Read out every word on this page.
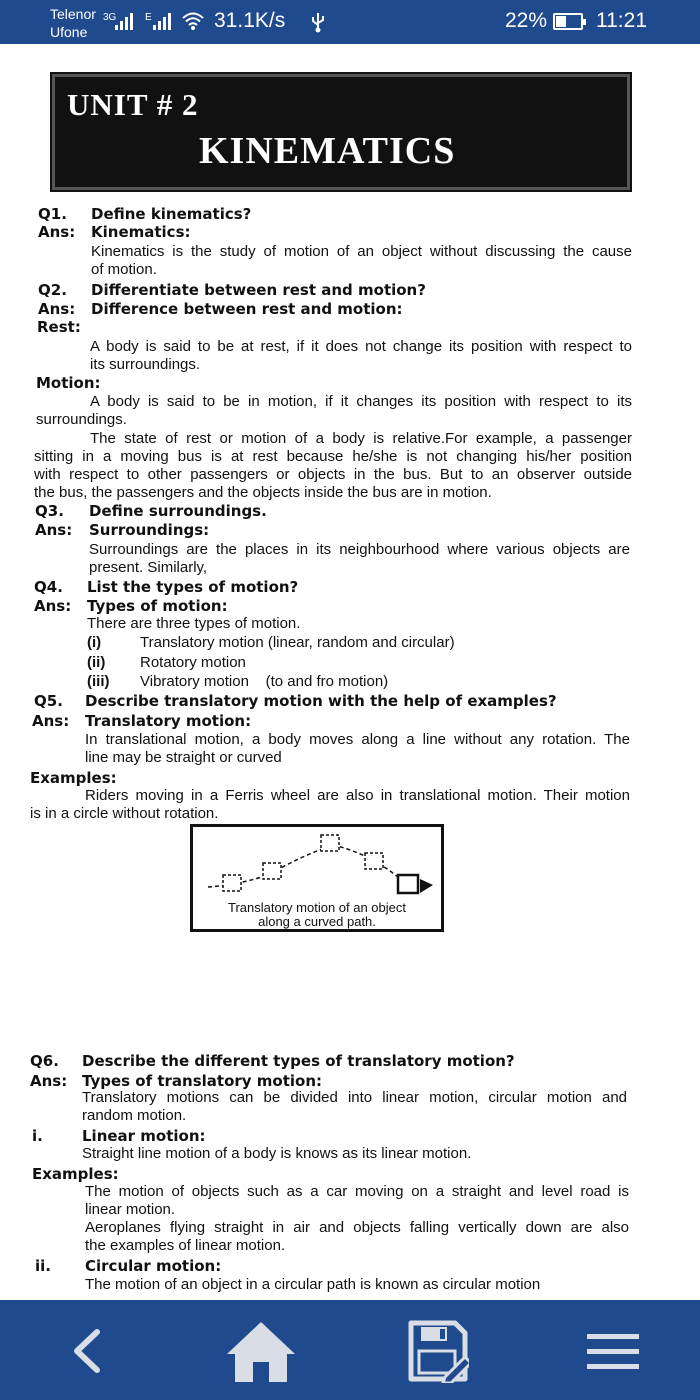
Telenor
Ufone
3G	E	31.1K/s	22% 11:21
UNIT # 2
KINEMATICS
Q1. Define kinematics?
Ans: Kinematics:
Kinematics is the study of motion of an object without discussing the cause
of motion.
Q2. Differentiate between rest and motion?
Ans: Difference between rest and motion:
Rest:
A body is said to be at rest, if it does not change its position with respect to
its surroundings.
Motion:
A body is said to be in motion, if it changes its position with respect to its
surroundings.
The state of rest or motion of a body is relative.For example, a passenger
sitting in a moving bus is at rest because he/she is not changing his/her position
with respect to other passengers or objects in the bus. But to an observer outside
the bus, the passengers and the objects inside the bus are in motion.
Q3. Define surroundings.
Ans: Surroundings:
Surroundings are the places in its neighbourhood where various objects are
present. Similarly,
Q4. List the types of motion?
Ans: Types of motion:
There are three types of motion.
(i)	Translatory motion (linear, random and circular)
(ii) Rotatory motion
(iii) Vibratory motion    (to and fro motion)
Q5. Describe translatory motion with the help of examples?
Ans: Translatory motion:
In translational motion, a body moves along a line without any rotation. The
line may be straight or curved
Examples:
Riders moving in a Ferris wheel are also in translational motion. Their motion
is in a circle without rotation.
Translatory motion of an object
along a curved path.
Q6. Describe the different types of translatory motion?
Ans: Types of translatory motion:
Translatory motions can be divided into linear motion, circular motion and
random motion.
i.	Linear motion:
Straight line motion of a body is knows as its linear motion.
Examples:
The motion of objects such as a car moving on a straight and level road is
linear motion.
Aeroplanes flying straight in air and objects falling vertically down are also
the examples of linear motion.
ii. Circular motion:
The motion of an object in a circular path is known as circular motion
